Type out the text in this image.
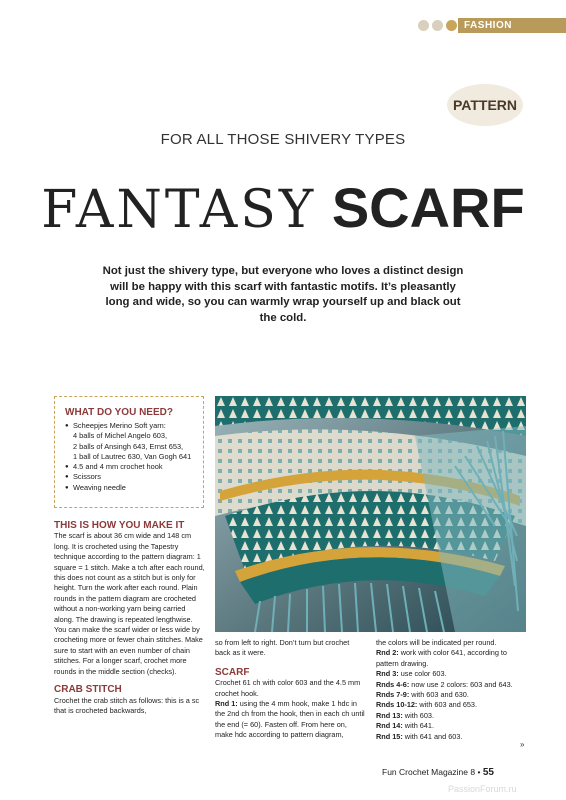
FASHION
PATTERN
FOR ALL THOSE SHIVERY TYPES
FANTASY SCARF
Not just the shivery type, but everyone who loves a distinct design will be happy with this scarf with fantastic motifs. It’s pleasantly long and wide, so you can warmly wrap yourself up and black out the cold.
WHAT DO YOU NEED?
● Scheepjes Merino Soft yarn:
4 balls of Michel Angelo 603,
2 balls of Ansingh 643, Ernst 653,
1 ball of Lautrec 630, Van Gogh 641
● 4.5 and 4 mm crochet hook
● Scissors
● Weaving needle
THIS IS HOW YOU MAKE IT

The scarf is about 36 cm wide and 148 cm long. It is crocheted using the Tapestry technique according to the pattern diagram: 1 square = 1 stitch. Make a tch after each round, this does not count as a stitch but is only for height. Turn the work after each round. Plain rounds in the pattern diagram are crocheted without a non-working yarn being carried along. The drawing is repeated lengthwise. You can make the scarf wider or less wide by crocheting more or fewer chain stitches. Make sure to start with an even number of chain stitches. For a longer scarf, crochet more rounds in the middle section (checks).

CRAB STITCH

Crochet the crab stitch as follows: this is a sc that is crocheted backwards,

so from left to right. Don’t turn but crochet back as it were.

SCARF

Crochet 61 ch with color 603 and the 4.5 mm crochet hook.

Rnd 1: using the 4 mm hook, make 1 hdc in the 2nd ch from the hook, then in each ch until the end (= 60). Fasten off. From here on, make hdc according to pattern diagram,

the colors will be indicated per round.

Rnd 2: work with color 641, according to pattern drawing.

Rnd 3: use color 603.

Rnds 4-6: now use 2 colors: 603 and 643.

Rnds 7-9: with 603 and 630.

Rnds 10-12: with 603 and 653.

Rnd 13: with 603.

Rnd 14: with 641.

Rnd 15: with 641 and 603.

»
Fun Crochet Magazine 8 • 55
PassionForum.ru
